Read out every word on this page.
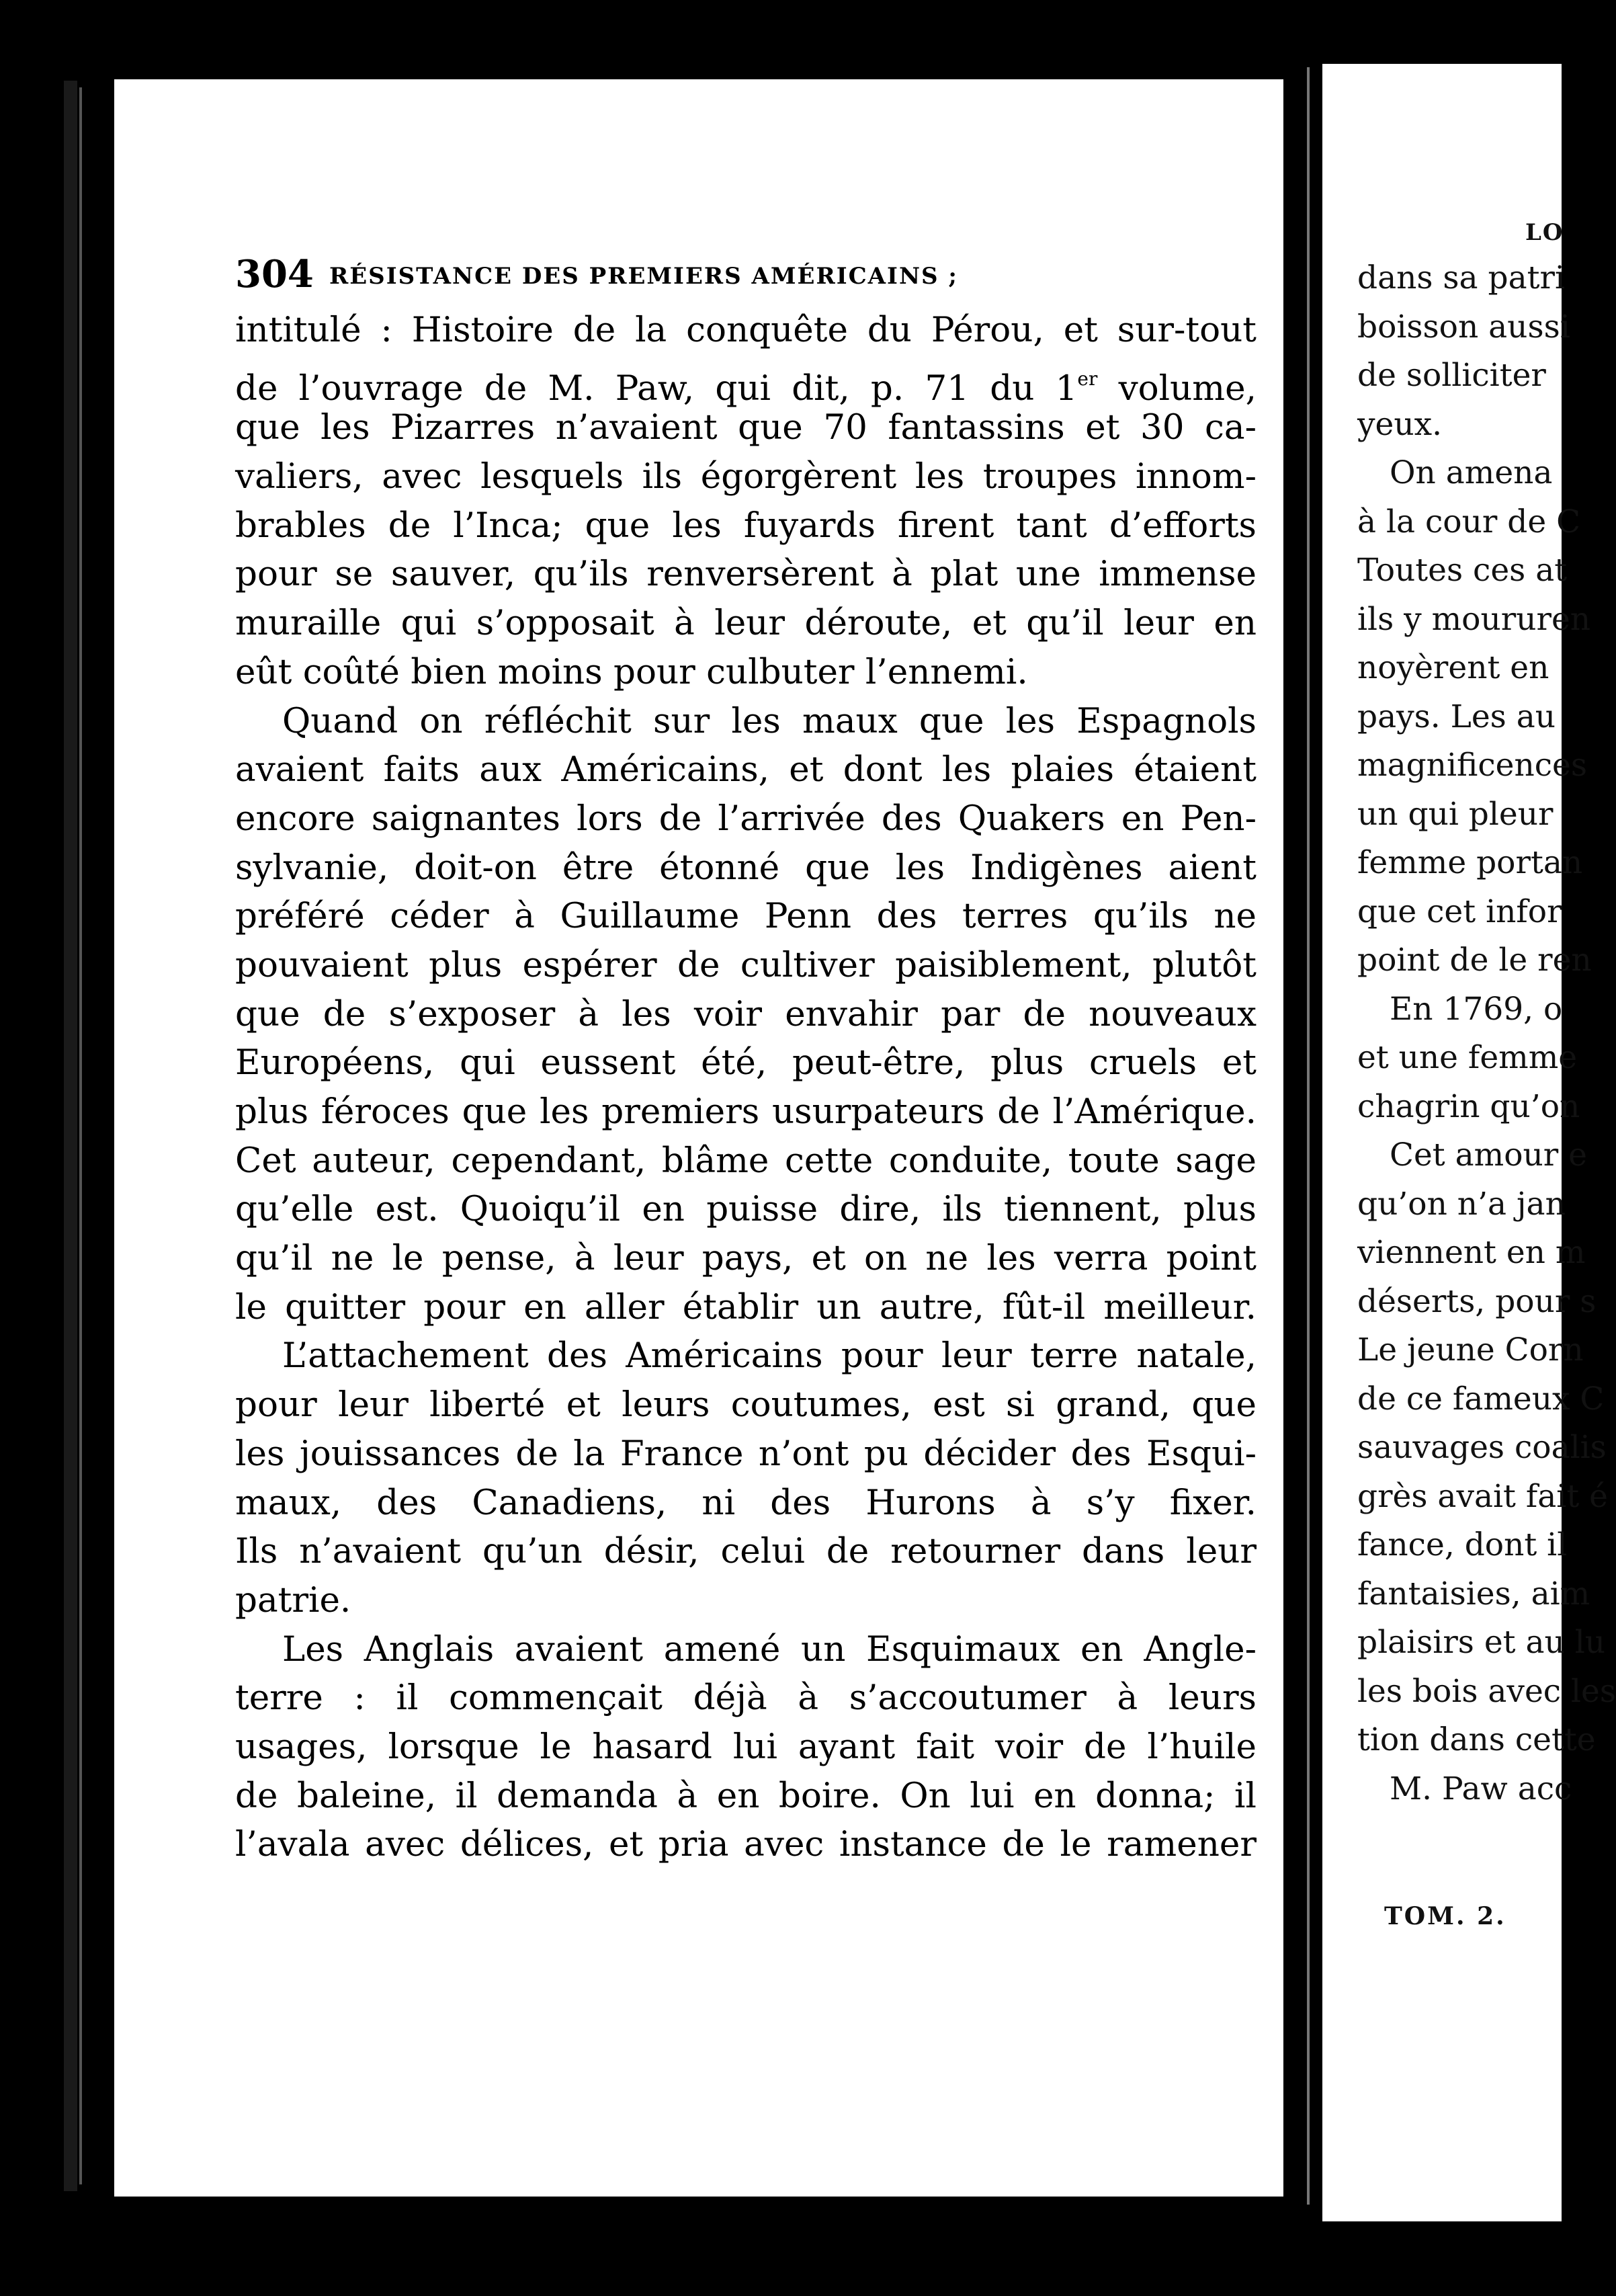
304 RÉSISTANCE DES PREMIERS AMÉRICAINS ;
intitulé : Histoire de la conquête du Pérou, et sur-tout
de l’ouvrage de M. Paw, qui dit, p. 71 du 1er volume,
que les Pizarres n’avaient que 70 fantassins et 30 ca-
valiers, avec lesquels ils égorgèrent les troupes innom-
brables de l’Inca; que les fuyards firent tant d’efforts
pour se sauver, qu’ils renversèrent à plat une immense
muraille qui s’opposait à leur déroute, et qu’il leur en
eût coûté bien moins pour culbuter l’ennemi.
Quand on réfléchit sur les maux que les Espagnols
avaient faits aux Américains, et dont les plaies étaient
encore saignantes lors de l’arrivée des Quakers en Pen-
sylvanie, doit-on être étonné que les Indigènes aient
préféré céder à Guillaume Penn des terres qu’ils ne
pouvaient plus espérer de cultiver paisiblement, plutôt
que de s’exposer à les voir envahir par de nouveaux
Européens, qui eussent été, peut-être, plus cruels et
plus féroces que les premiers usurpateurs de l’Amérique.
Cet auteur, cependant, blâme cette conduite, toute sage
qu’elle est. Quoiqu’il en puisse dire, ils tiennent, plus
qu’il ne le pense, à leur pays, et on ne les verra point
le quitter pour en aller établir un autre, fût-il meilleur.
L’attachement des Américains pour leur terre natale,
pour leur liberté et leurs coutumes, est si grand, que
les jouissances de la France n’ont pu décider des Esqui-
maux, des Canadiens, ni des Hurons à s’y fixer.
Ils n’avaient qu’un désir, celui de retourner dans leur
patrie.
Les Anglais avaient amené un Esquimaux en Angle-
terre : il commençait déjà à s’accoutumer à leurs
usages, lorsque le hasard lui ayant fait voir de l’huile
de baleine, il demanda à en boire. On lui en donna; il
l’avala avec délices, et pria avec instance de le ramener
LO
dans sa patri
boisson aussi
de solliciter
yeux.
On amena
à la cour de C
Toutes ces at
ils y moururen
noyèrent en
pays. Les au
magnificences
un qui pleur
femme portan
que cet infor
point de le ren
En 1769, o
et une femme
chagrin qu’on
Cet amour e
qu’on n’a jan
viennent en m
déserts, pour s
Le jeune Corn
de ce fameux C
sauvages coalis
grès avait fait é
fance, dont il
fantaisies, aim
plaisirs et au lu
les bois avec les
tion dans cette
M. Paw acc
TOM. 2.
